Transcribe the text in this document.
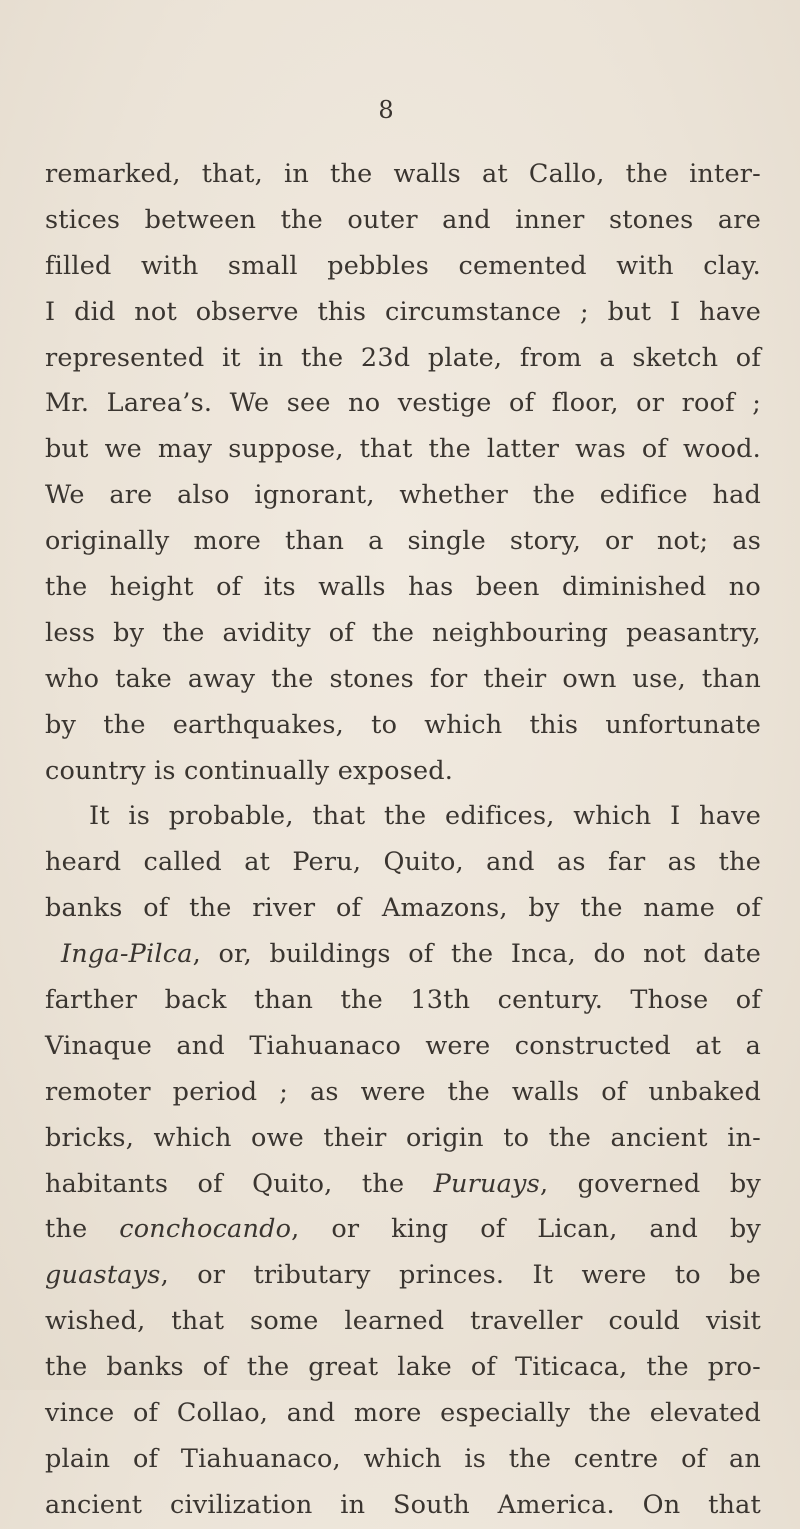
8
remarked, that, in the walls at Callo, the inter-
stices between the outer and inner stones are
filled with small pebbles cemented with clay.
I did not observe this circumstance ; but I have
represented it in the 23d plate, from a sketch of
Mr. Larea’s. We see no vestige of floor, or roof ;
but we may suppose, that the latter was of wood.
We are also ignorant, whether the edifice had
originally more than a single story, or not; as
the height of its walls has been diminished no
less by the avidity of the neighbouring peasantry,
who take away the stones for their own use, than
by the earthquakes, to which this unfortunate
country is continually exposed.
It is probable, that the edifices, which I have
heard called at Peru, Quito, and as far as the
banks of the river of Amazons, by the name of
Inga-Pilca, or, buildings of the Inca, do not date
farther back than the 13th century. Those of
Vinaque and Tiahuanaco were constructed at a
remoter period ; as were the walls of unbaked
bricks, which owe their origin to the ancient in-
habitants of Quito, the Puruays, governed by
the conchocando, or king of Lican, and by
guastays, or tributary princes. It were to be
wished, that some learned traveller could visit
the banks of the great lake of Titicaca, the pro-
vince of Collao, and more especially the elevated
plain of Tiahuanaco, which is the centre of an
ancient civilization in South America. On that
